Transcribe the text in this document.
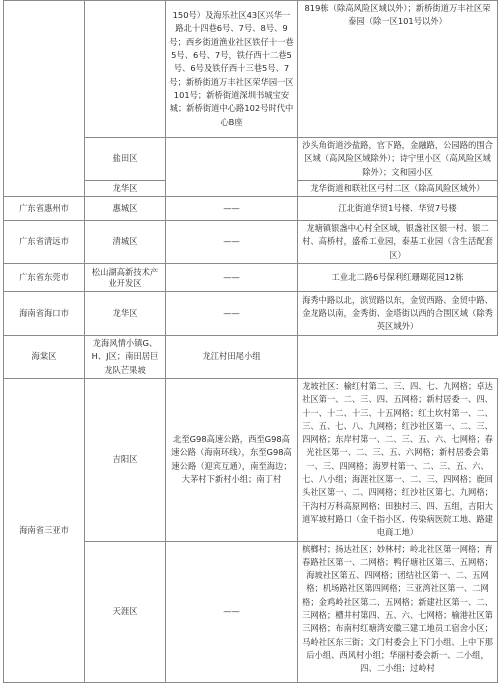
		150号）及海乐社区43区兴华一路北十四巷6号、7号、8号、9号；西乡街道渔业社区铁仔十一巷5号、6号、7号，铁仔西十二巷5号、6号及铁仔西十三巷5号、7号；新桥街道万丰社区荣华园一区101号；新桥街道深圳书城宝安城；新桥街道中心路102号时代中心B座	819栋（除高风险区域以外）；新桥街道万丰社区荣泰园（除一区101号以外）
	盐田区		沙头角街道沙盐路，官下路，金融路，公园路的围合区域（高风险区域除外）；诗宁里小区（高风险区域除外）；文和园小区
	龙华区		龙华街道和联社区弓村二区（除高风险区域外）
广东省惠州市	惠城区	——	江北街道华贸1号楼、华贸7号楼
广东省清远市	清城区	——	龙塘镇银盏中心村全区域，银盏社区银一村、银二村、高桥村，盛希工业园，泰基工业园（含生活配套区）
广东省东莞市	松山湖高新技术产业开发区	——	工业北二路6号保利红珊瑚花园12栋
海南省海口市	龙华区	——	海秀中路以北，滨贸路以东，金贸西路、金贸中路、金龙路以南，金秀街、金塔街以西的合围区域（除秀英区域外）
海棠区	龙海风情小镇G、H、J区；南田居巨龙队芒果坡	龙江村田尾小组	
海南省三亚市	吉阳区	北至G98高速公路，西至G98高速公路（海南环线），东至G98高速公路（迎宾互通），南至海边；大茅村下新村小组；南丁村	龙坡社区：榆红村第二、三、四、七、九网格；卓达社区第一、二、三、四、五网格；新村居委一、四、十一、十二、十三、十五网格；红土坎村第一、二、三、五、七、八、九网格；红沙社区第一、二、三、四网格；东岸村第一、二、三、五、六、七网格；春光社区第一、二、三、五、六网格；新村居委会第一、三、四网格；海罗村第一、二、三、五、六、七、八小组；海涯社区第一、二、三、四网格；鹿回头社区第一、二、四网格；红沙社区第七、九网格；干沟村万科高原网格；田独村三、四、五组，吉阳大道军坡村路口（金千指小区、传染病医院工地、路建电商工地）
	天涯区	——	槟榔村；扬达社区；妙林村；岭北社区第一网格；育春路社区第一、二网格；鸭仔塘社区第三、五网格；海坡社区第五、四网格；团结社区第一、二、五网格；机场路社区第四网格；三亚湾社区第一、二网格；金鸡岭社区第二、五网格；新建社区第一、二、三网格；槽井村第四、五、六、七网格；榆港社区第三网格；布南村红塘湾安徽三建工地员工宿舍小区；马岭社区东三街；文门村委会上下门小组、上中下那后小组、西风村小组；华丽村委会新一、二小组，四、二小组；过岭村
